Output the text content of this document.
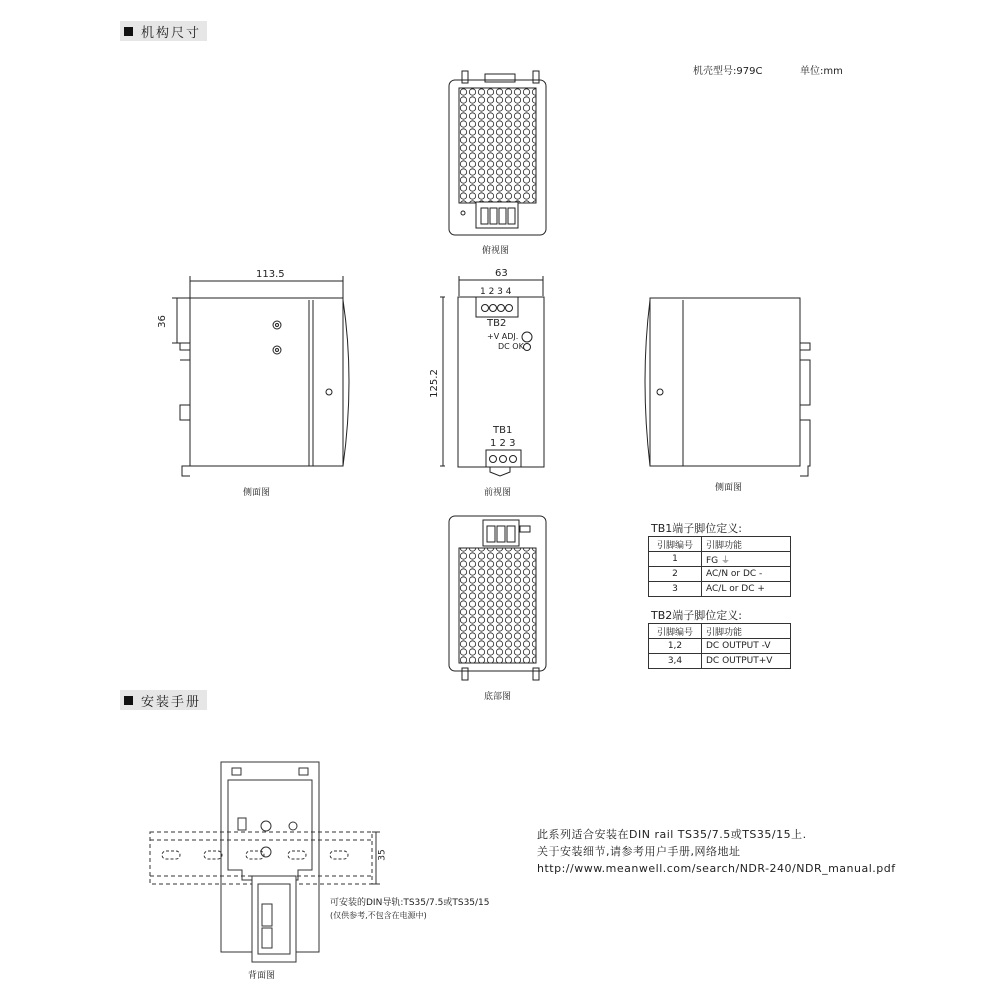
机构尺寸
安装手册
机壳型号:979C	单位:mm
113.5
36
63
125.2
35
1 2 3 4
TB2
+V ADJ.
DC OK
TB1
1 2 3
俯视图
侧面图	前视图	侧面图
底部图
背面图
TB1端子脚位定义:
引脚编号	引脚功能
1	FG ⏚
2	AC/N or DC -
3	AC/L or DC +
TB2端子脚位定义:
引脚编号	引脚功能
1,2	DC OUTPUT -V
3,4	DC OUTPUT+V
可安装的DIN导轨:TS35/7.5或TS35/15
(仅供参考,不包含在电源中)
此系列适合安装在DIN rail TS35/7.5或TS35/15上.
关于安装细节,请参考用户手册,网络地址
http://www.meanwell.com/search/NDR-240/NDR_manual.pdf
